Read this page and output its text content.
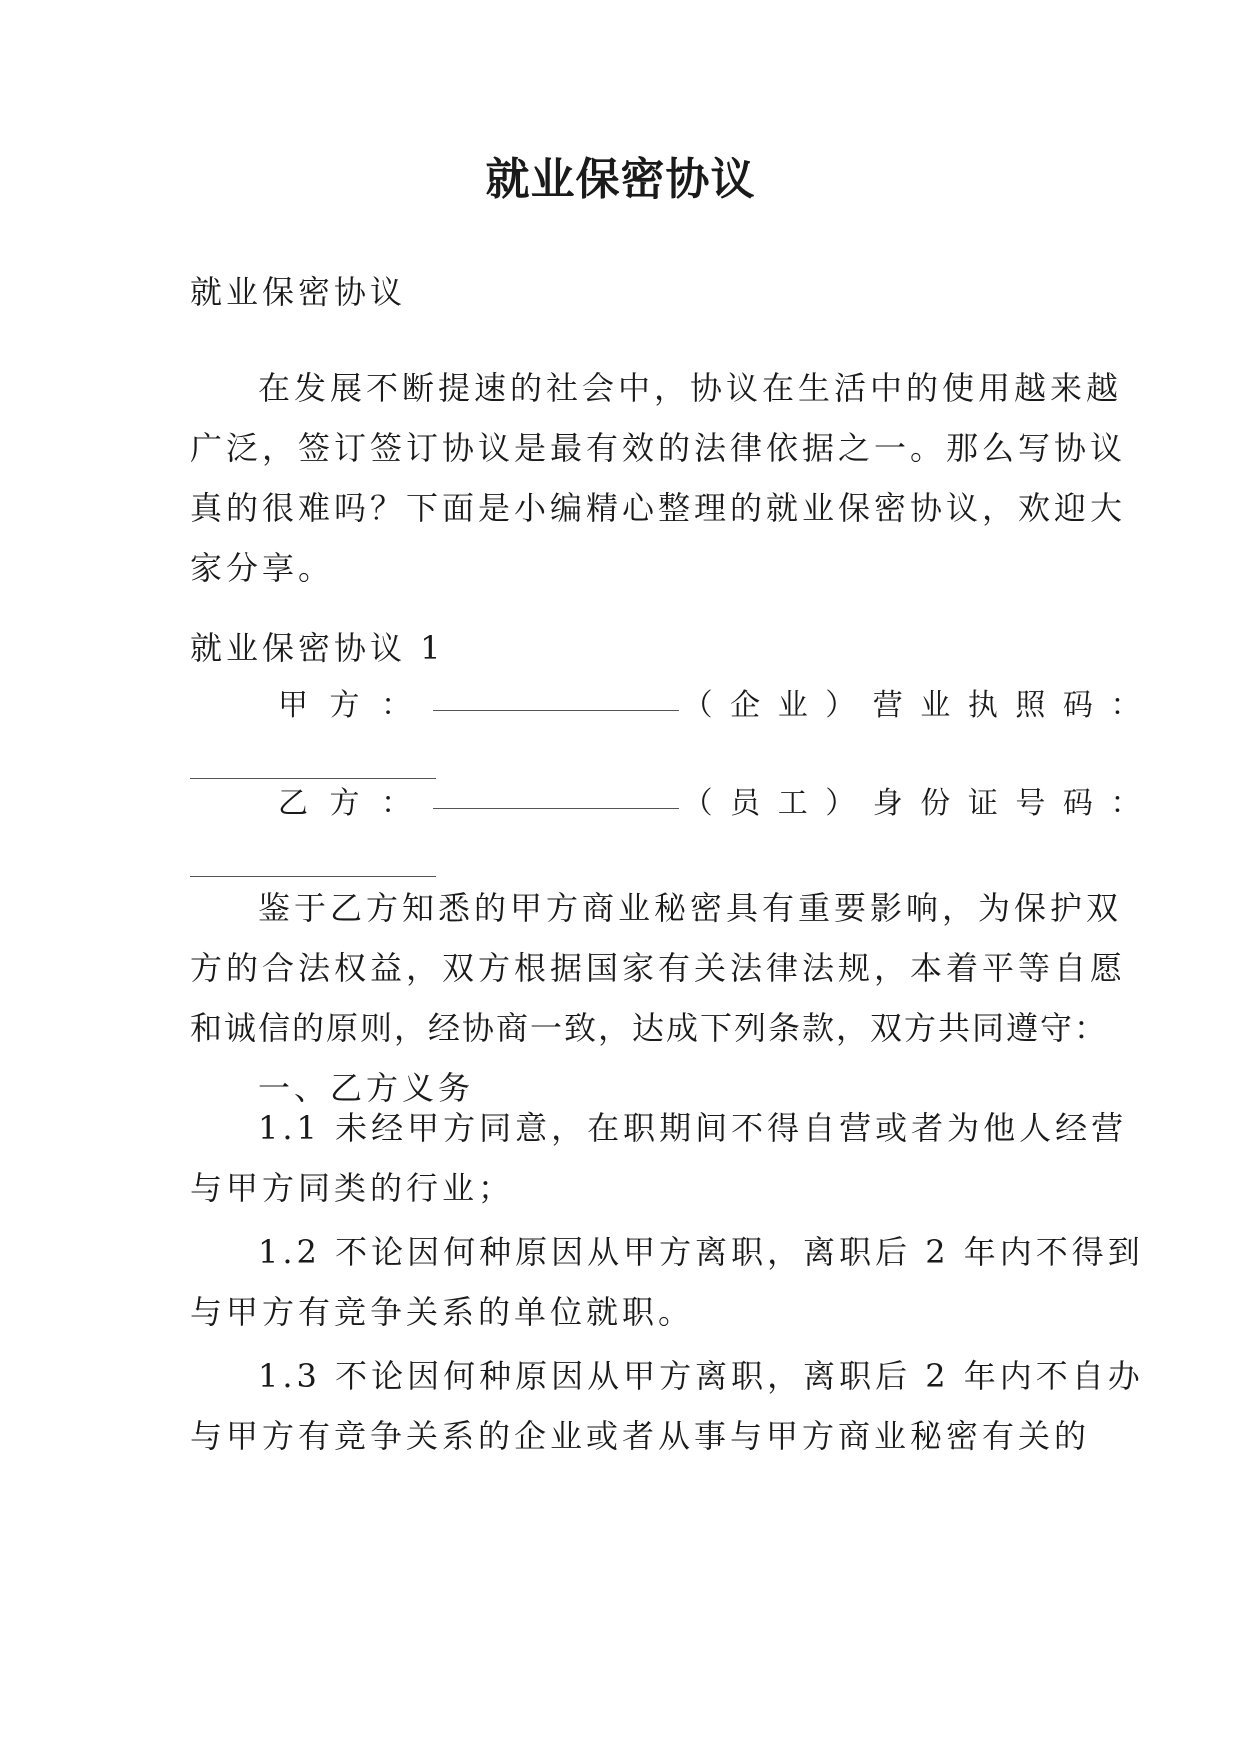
就业保密协议

就业保密协议

在发展不断提速的社会中，协议在生活中的使用越来越
广泛，签订签订协议是最有效的法律依据之一。那么写协议
真的很难吗？下面是小编精心整理的就业保密协议，欢迎大
家分享。

就业保密协议 1

甲 方 ：	（ 企 业 ） 营 业 执 照 码 ：
乙 方 ：	（ 员 工 ） 身 份 证 号 码 ：
鉴于乙方知悉的甲方商业秘密具有重要影响，为保护双
方的合法权益，双方根据国家有关法律法规，本着平等自愿
和诚信的原则，经协商一致，达成下列条款，双方共同遵守：
一、乙方义务
1.1 未经甲方同意，在职期间不得自营或者为他人经营
与甲方同类的行业；
1.2 不论因何种原因从甲方离职，离职后 2 年内不得到
与甲方有竞争关系的单位就职。
1.3 不论因何种原因从甲方离职，离职后 2 年内不自办
与甲方有竞争关系的企业或者从事与甲方商业秘密有关的
